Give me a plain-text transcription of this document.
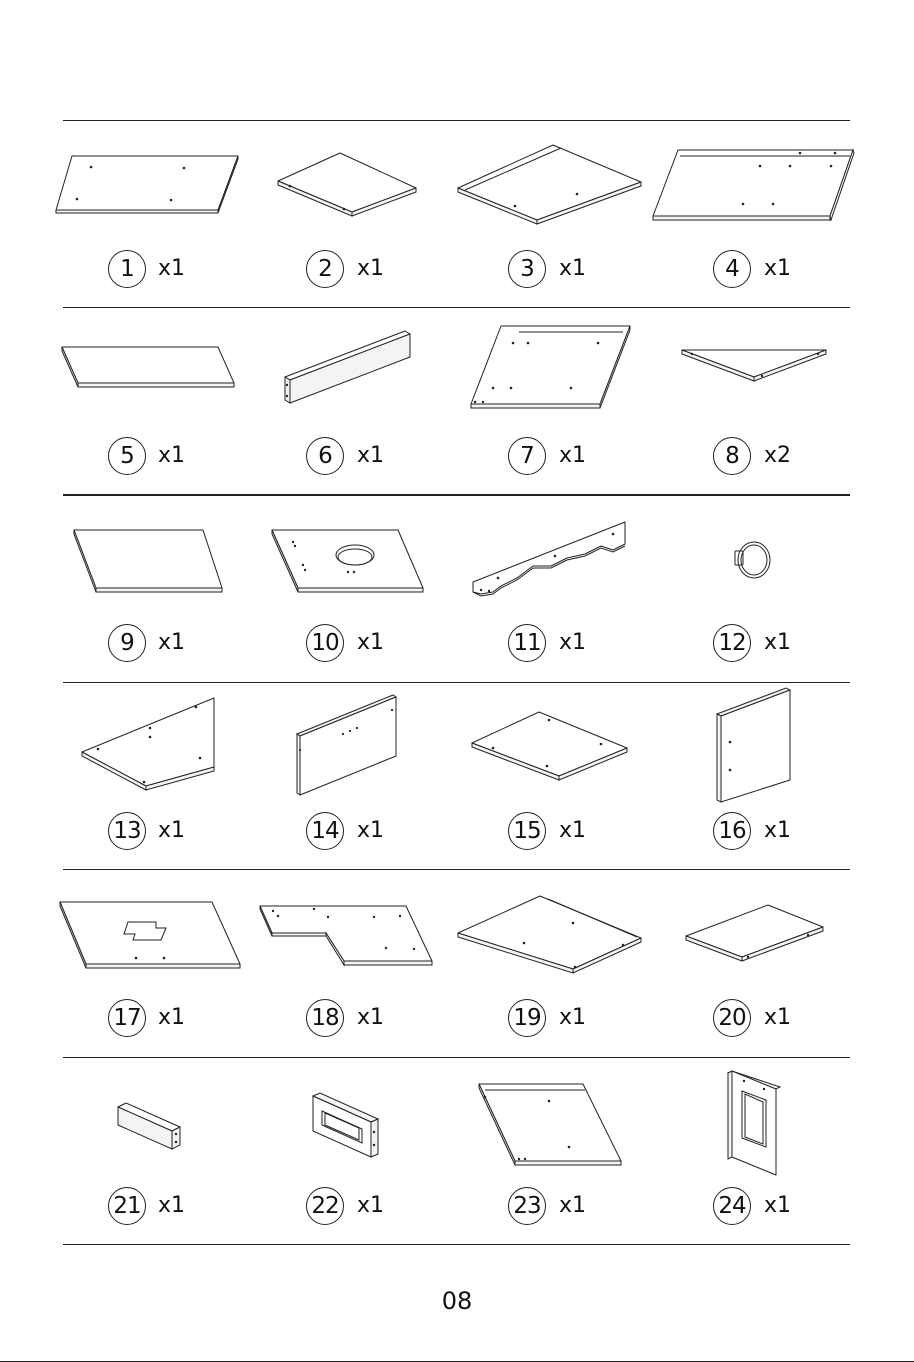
1	x1	2	x1	3	x1	4	x1
5	x1	6	x1	7	x1	8	x2
9	x1	10 x1	11 x1	12 x1
13 x1	14 x1	15 x1	16 x1
17 x1	18 x1	19 x1	20 x1
21 x1	22 x1	23 x1	24 x1
08
